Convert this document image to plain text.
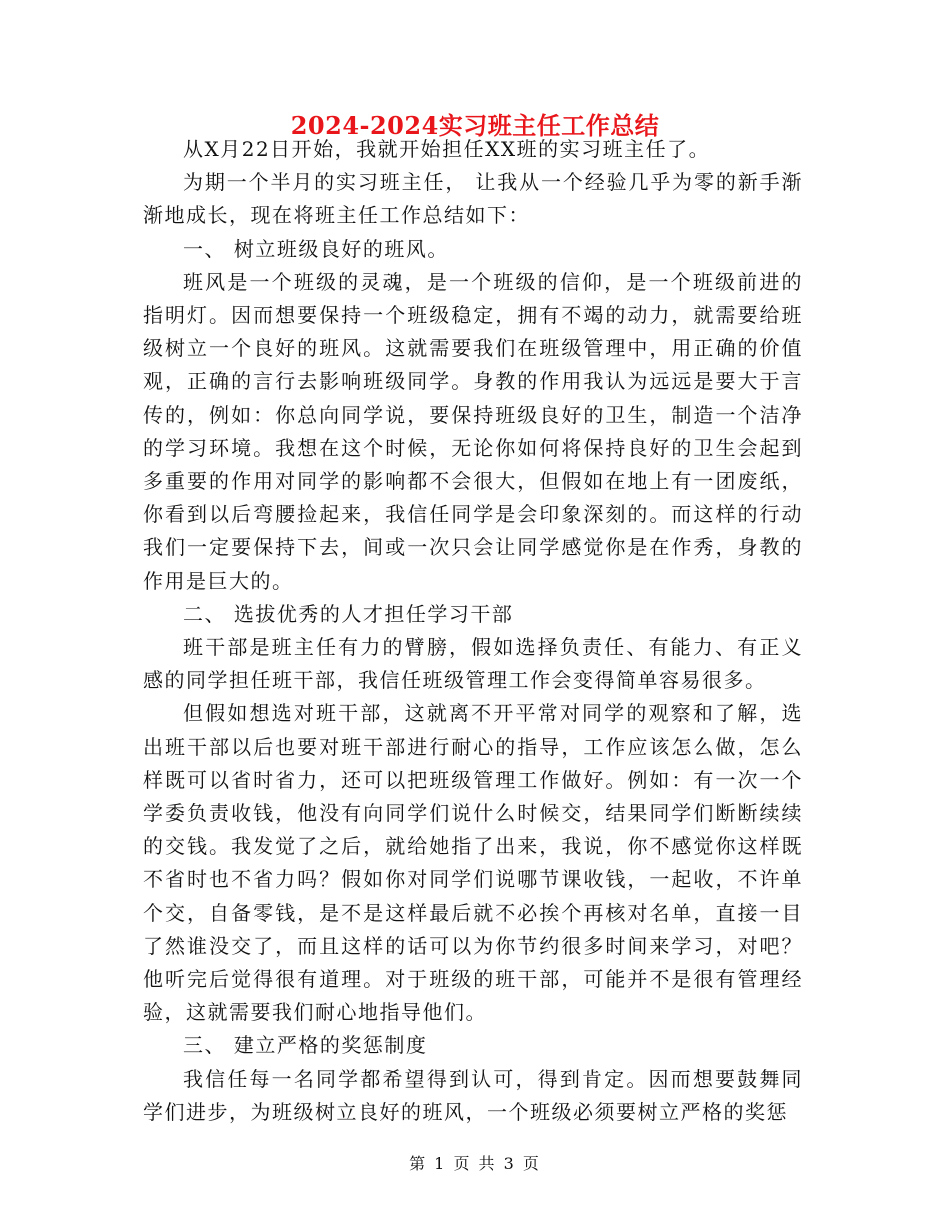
2024-2024实习班主任工作总结

从X月22日开始，我就开始担任XX班的实习班主任了。

为期一个半月的实习班主任， 让我从一个经验几乎为零的新手渐渐地成长，现在将班主任工作总结如下：

一、 树立班级良好的班风。

班风是一个班级的灵魂，是一个班级的信仰，是一个班级前进的指明灯。因而想要保持一个班级稳定，拥有不竭的动力，就需要给班级树立一个良好的班风。这就需要我们在班级管理中，用正确的价值观，正确的言行去影响班级同学。身教的作用我认为远远是要大于言传的，例如：你总向同学说，要保持班级良好的卫生，制造一个洁净的学习环境。我想在这个时候，无论你如何将保持良好的卫生会起到多重要的作用对同学的影响都不会很大，但假如在地上有一团废纸，你看到以后弯腰捡起来，我信任同学是会印象深刻的。而这样的行动我们一定要保持下去，间或一次只会让同学感觉你是在作秀，身教的作用是巨大的。

二、 选拔优秀的人才担任学习干部

班干部是班主任有力的臂膀，假如选择负责任、有能力、有正义感的同学担任班干部，我信任班级管理工作会变得简单容易很多。

但假如想选对班干部，这就离不开平常对同学的观察和了解，选出班干部以后也要对班干部进行耐心的指导，工作应该怎么做，怎么样既可以省时省力，还可以把班级管理工作做好。例如：有一次一个学委负责收钱，他没有向同学们说什么时候交，结果同学们断断续续的交钱。我发觉了之后，就给她指了出来，我说，你不感觉你这样既不省时也不省力吗？假如你对同学们说哪节课收钱，一起收，不许单个交，自备零钱，是不是这样最后就不必挨个再核对名单，直接一目了然谁没交了，而且这样的话可以为你节约很多时间来学习，对吧？他听完后觉得很有道理。对于班级的班干部，可能并不是很有管理经验，这就需要我们耐心地指导他们。

三、 建立严格的奖惩制度

我信任每一名同学都希望得到认可，得到肯定。因而想要鼓舞同学们进步，为班级树立良好的班风，一个班级必须要树立严格的奖惩

第 1 页 共 3 页
